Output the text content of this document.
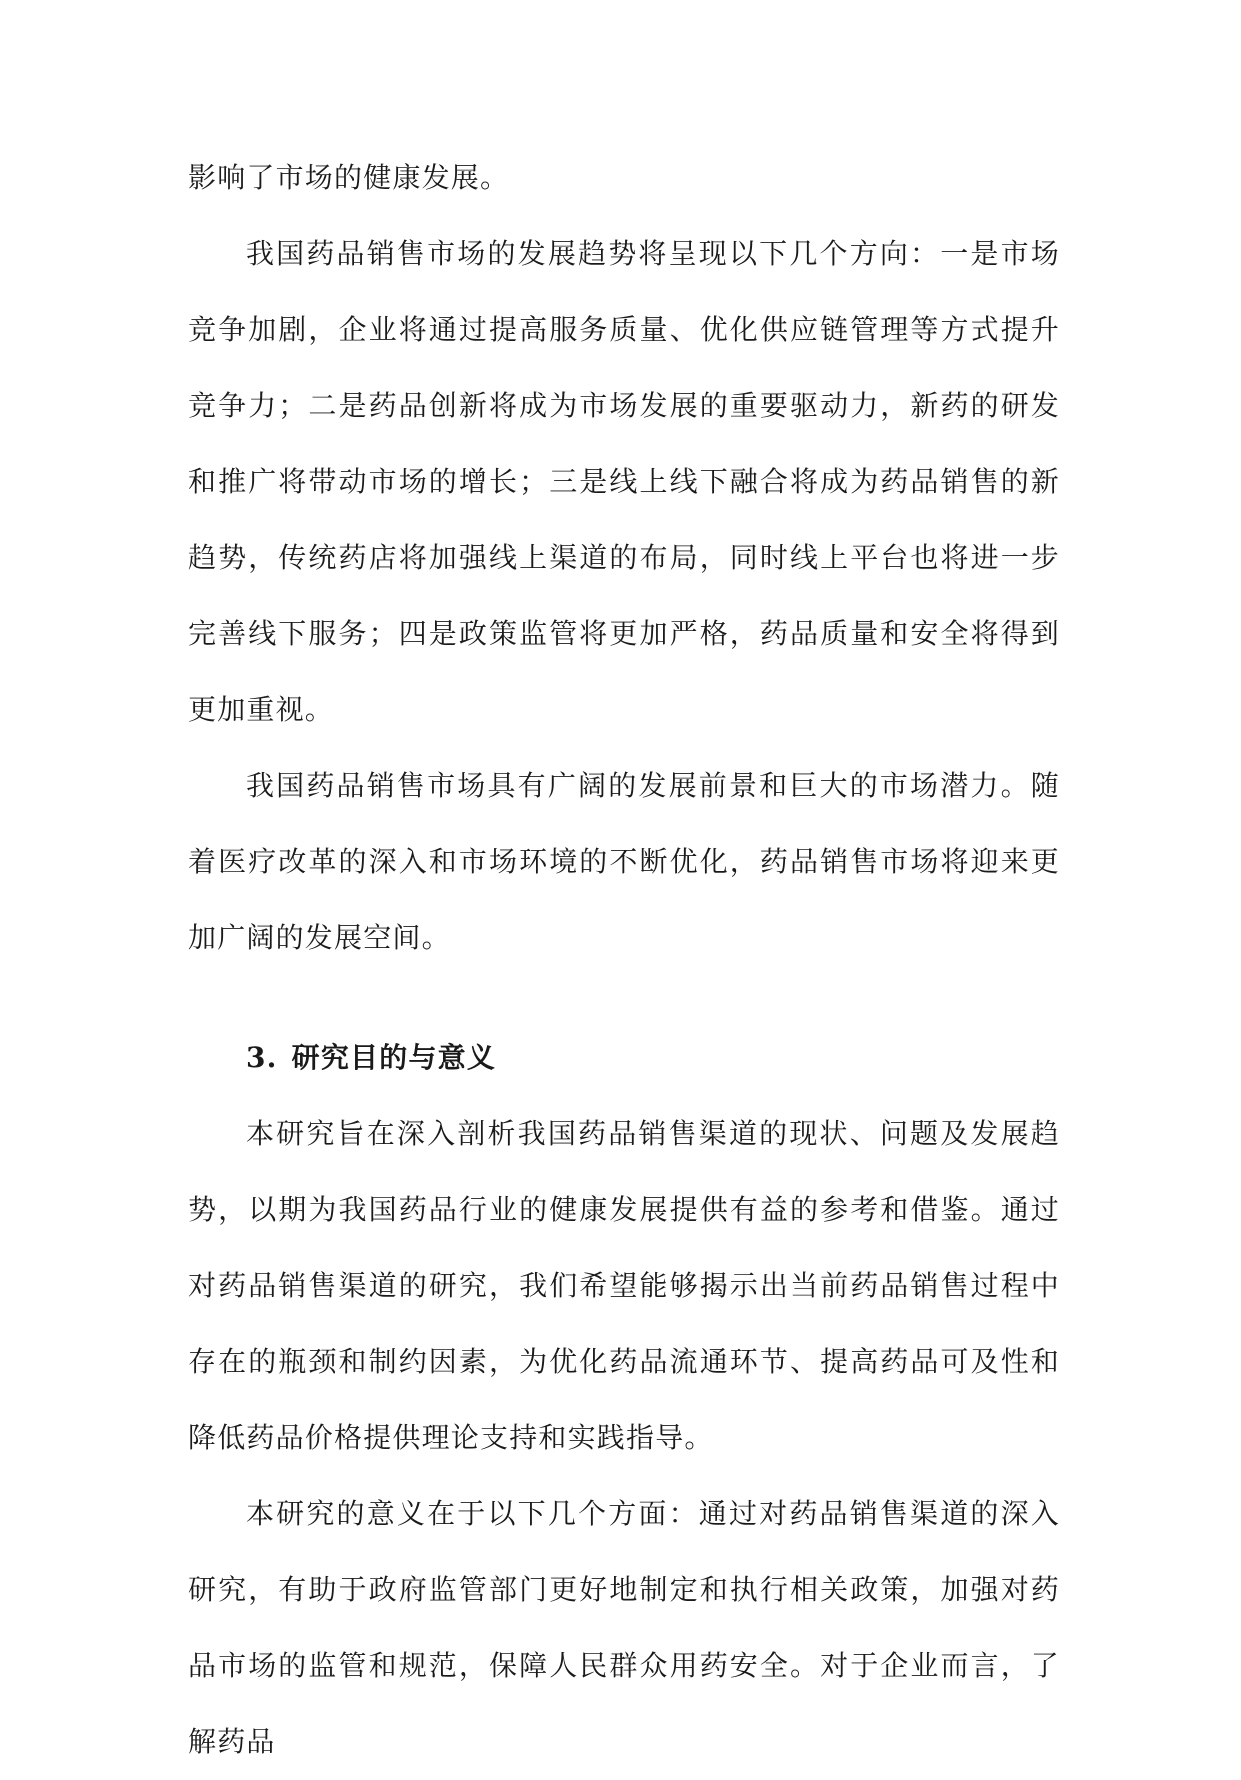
影响了市场的健康发展。

我国药品销售市场的发展趋势将呈现以下几个方向：一是市场竞争加剧，企业将通过提高服务质量、优化供应链管理等方式提升竞争力；二是药品创新将成为市场发展的重要驱动力，新药的研发和推广将带动市场的增长；三是线上线下融合将成为药品销售的新趋势，传统药店将加强线上渠道的布局，同时线上平台也将进一步完善线下服务；四是政策监管将更加严格，药品质量和安全将得到更加重视。

我国药品销售市场具有广阔的发展前景和巨大的市场潜力。随着医疗改革的深入和市场环境的不断优化，药品销售市场将迎来更加广阔的发展空间。

3. 研究目的与意义

本研究旨在深入剖析我国药品销售渠道的现状、问题及发展趋势，以期为我国药品行业的健康发展提供有益的参考和借鉴。通过对药品销售渠道的研究，我们希望能够揭示出当前药品销售过程中存在的瓶颈和制约因素，为优化药品流通环节、提高药品可及性和降低药品价格提供理论支持和实践指导。

本研究的意义在于以下几个方面：通过对药品销售渠道的深入研究，有助于政府监管部门更好地制定和执行相关政策，加强对药品市场的监管和规范，保障人民群众用药安全。对于企业而言，了解药品
